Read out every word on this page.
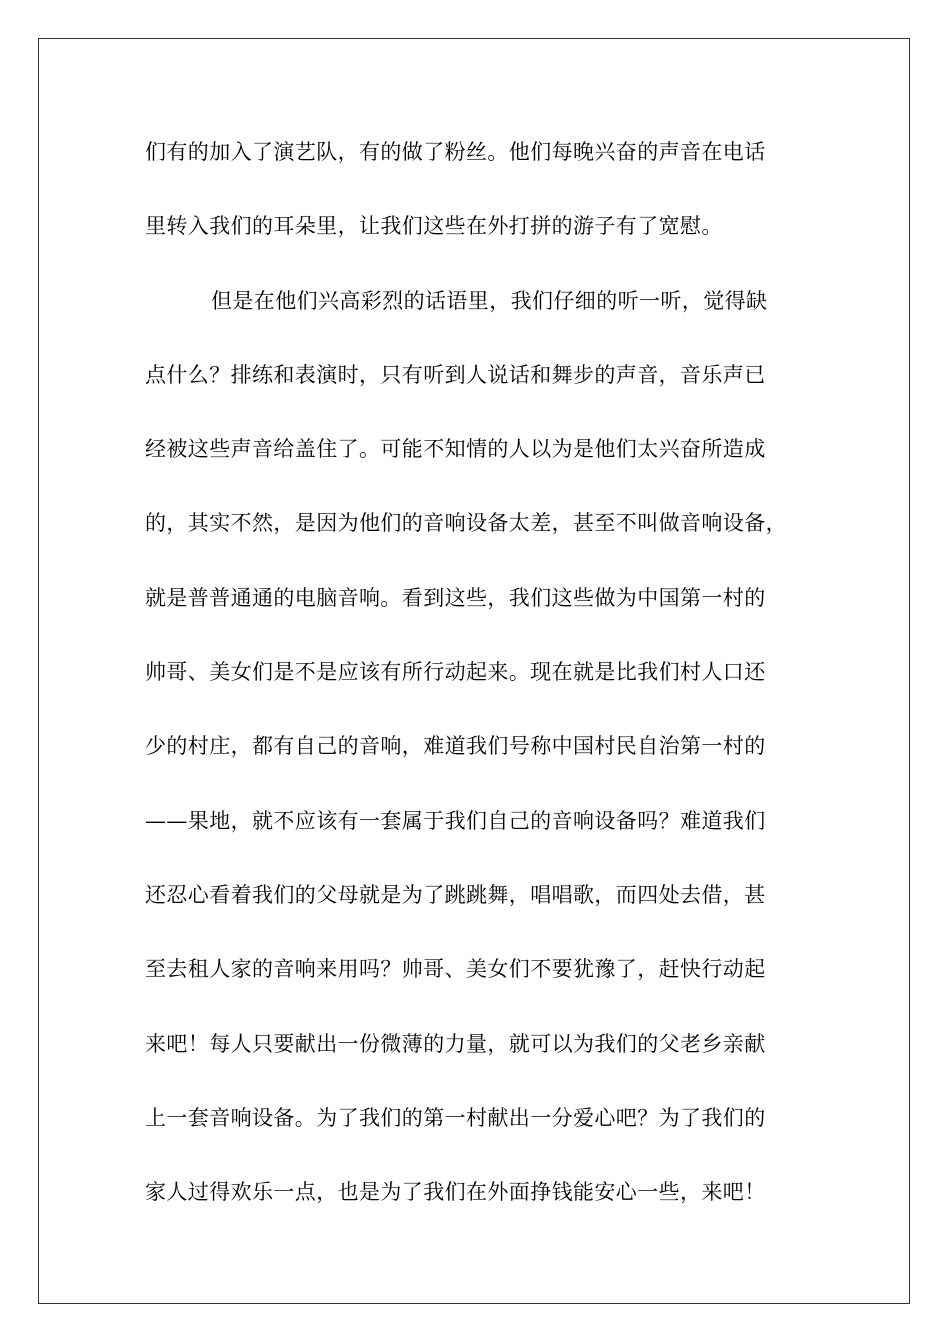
们有的加入了演艺队，有的做了粉丝。他们每晚兴奋的声音在电话
里转入我们的耳朵里，让我们这些在外打拼的游子有了宽慰。
但是在他们兴高彩烈的话语里，我们仔细的听一听，觉得缺
点什么？排练和表演时，只有听到人说话和舞步的声音，音乐声已
经被这些声音给盖住了。可能不知情的人以为是他们太兴奋所造成
的，其实不然，是因为他们的音响设备太差，甚至不叫做音响设备，
就是普普通通的电脑音响。看到这些，我们这些做为中国第一村的
帅哥、美女们是不是应该有所行动起来。现在就是比我们村人口还
少的村庄，都有自己的音响，难道我们号称中国村民自治第一村的
——果地，就不应该有一套属于我们自己的音响设备吗？难道我们
还忍心看着我们的父母就是为了跳跳舞，唱唱歌，而四处去借，甚
至去租人家的音响来用吗？帅哥、美女们不要犹豫了，赶快行动起
来吧！每人只要献出一份微薄的力量，就可以为我们的父老乡亲献
上一套音响设备。为了我们的第一村献出一分爱心吧？为了我们的
家人过得欢乐一点，也是为了我们在外面挣钱能安心一些，来吧！
